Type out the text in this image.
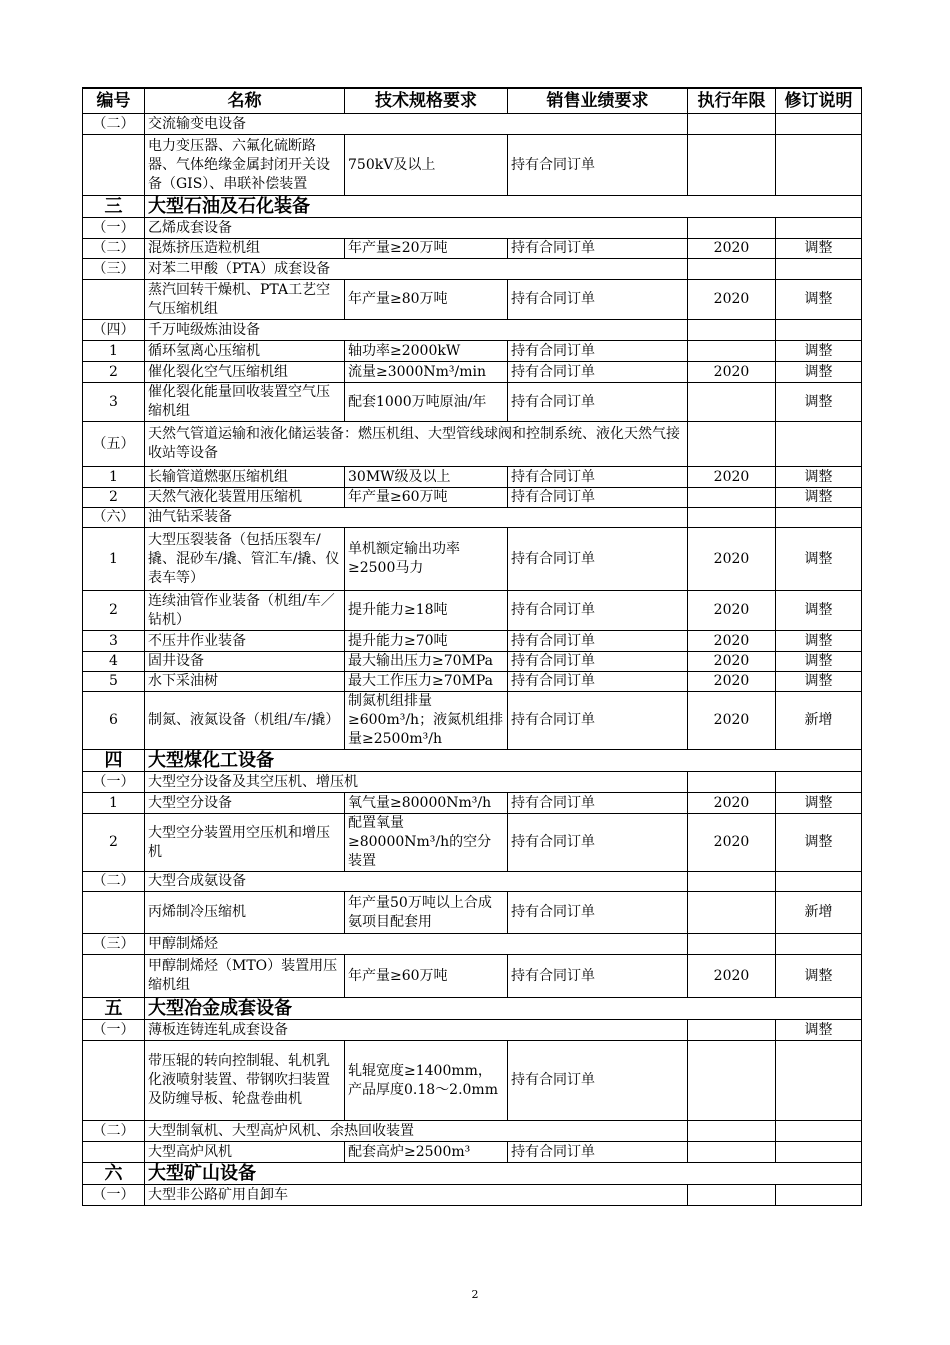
编号	名称	技术规格要求	销售业绩要求	执行年限	修订说明
（二）	交流输变电设备				
	电力变压器、六氟化硫断路器、气体绝缘金属封闭开关设备（GIS）、串联补偿装置	750kV及以上	持有合同订单		
三	大型石油及石化装备				
（一）	乙烯成套设备				
（二）	混炼挤压造粒机组	年产量≥20万吨	持有合同订单	2020	调整
（三）	对苯二甲酸（PTA）成套设备				
	蒸汽回转干燥机、PTA工艺空气压缩机组	年产量≥80万吨	持有合同订单	2020	调整
（四）	千万吨级炼油设备				
1	循环氢离心压缩机	轴功率≥2000kW	持有合同订单		调整
2	催化裂化空气压缩机组	流量≥3000Nm³/min	持有合同订单	2020	调整
3	催化裂化能量回收装置空气压缩机组	配套1000万吨原油/年	持有合同订单		调整
（五）	天然气管道运输和液化储运装备：燃压机组、大型管线球阀和控制系统、液化天然气接收站等设备				
1	长输管道燃驱压缩机组	30MW级及以上	持有合同订单	2020	调整
2	天然气液化装置用压缩机	年产量≥60万吨	持有合同订单		调整
（六）	油气钻采装备				
1	大型压裂装备（包括压裂车/撬、混砂车/撬、管汇车/撬、仪表车等）	单机额定输出功率≥2500马力	持有合同订单	2020	调整
2	连续油管作业装备（机组/车／钻机）	提升能力≥18吨	持有合同订单	2020	调整
3	不压井作业装备	提升能力≥70吨	持有合同订单	2020	调整
4	固井设备	最大输出压力≥70MPa	持有合同订单	2020	调整
5	水下采油树	最大工作压力≥70MPa	持有合同订单	2020	调整
6	制氮、液氮设备（机组/车/撬）	制氮机组排量≥600m³/h；液氮机组排量≥2500m³/h	持有合同订单	2020	新增
四	大型煤化工设备				
（一）	大型空分设备及其空压机、增压机				
1	大型空分设备	氧气量≥80000Nm³/h	持有合同订单	2020	调整
2	大型空分装置用空压机和增压机	配置氧量≥80000Nm³/h的空分装置	持有合同订单	2020	调整
（二）	大型合成氨设备				
	丙烯制冷压缩机	年产量50万吨以上合成氨项目配套用	持有合同订单		新增
（三）	甲醇制烯烃				
	甲醇制烯烃（MTO）装置用压缩机组	年产量≥60万吨	持有合同订单	2020	调整
五	大型冶金成套设备				
（一）	薄板连铸连轧成套设备				调整
	带压辊的转向控制辊、轧机乳化液喷射装置、带钢吹扫装置及防缠导板、轮盘卷曲机	轧辊宽度≥1400mm，产品厚度0.18～2.0mm	持有合同订单		
（二）	大型制氧机、大型高炉风机、余热回收装置				
	大型高炉风机	配套高炉≥2500m³	持有合同订单		
六	大型矿山设备				
（一）	大型非公路矿用自卸车				
2
